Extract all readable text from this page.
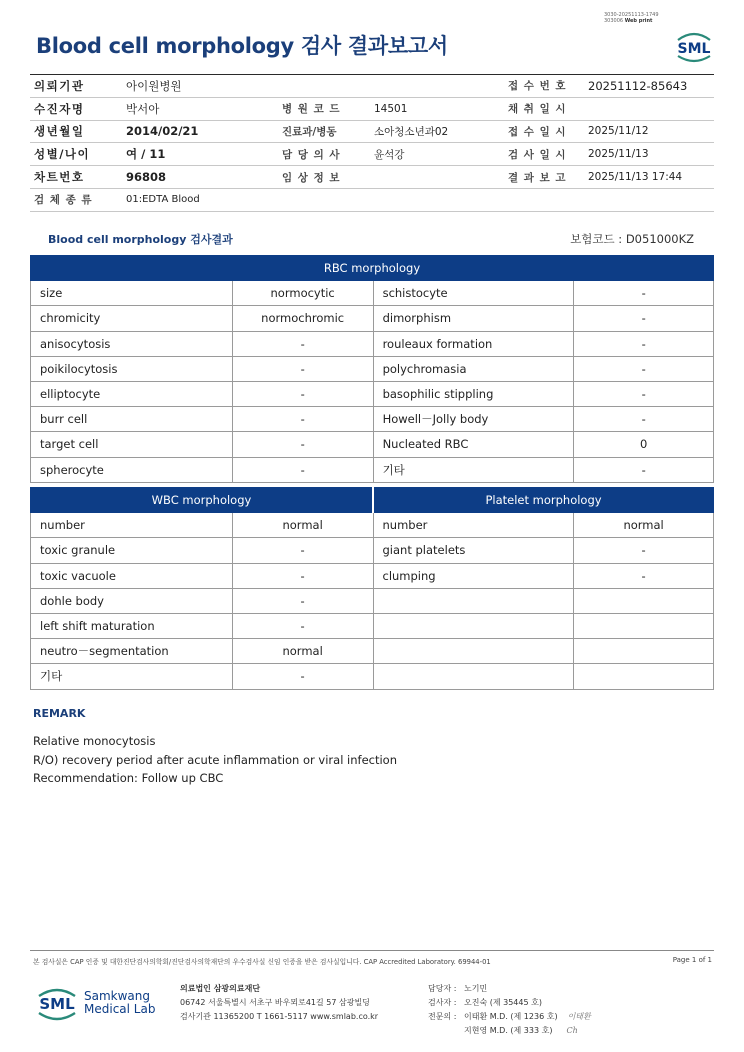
3030-20251113-1749
303006 Web print
Blood cell morphology 검사 결과보고서	SML
의뢰기관	아이원병원			접 수 번 호	20251112-85643
수진자명	박서아	병 원 코 드	14501	채 취 일 시	
생년월일	2014/02/21	진료과/병동	소아청소년과02	접 수 일 시	2025/11/12
성별/나이	여 / 11	담 당 의 사	윤석강	검 사 일 시	2025/11/13
차트번호	96808	임 상 정 보		결 과 보 고	2025/11/13 17:44
검 체 종 류	01:EDTA Blood				
Blood cell morphology 검사결과	보험코드 : D051000KZ
RBC morphology			
size	normocytic	schistocyte	-
chromicity	normochromic	dimorphism	-
anisocytosis	-	rouleaux formation	-
poikilocytosis	-	polychromasia	-
elliptocyte	-	basophilic stippling	-
burr cell	-	Howell－Jolly body	-
target cell	-	Nucleated RBC	0
spherocyte	-	기타	-
WBC morphology		Platelet morphology	
number	normal	number	normal
toxic granule	-	giant platelets	-
toxic vacuole	-	clumping	-
dohle body	-		
left shift maturation	-		
neutro－segmentation	normal		
기타	-		
REMARK
Relative monocytosis
R/O) recovery period after acute inflammation or viral infection
Recommendation: Follow up CBC
본 검사실은 CAP 인증 및 대한진단검사의학회/진단검사의학재단의 우수검사실 신임 인증을 받은 검사실입니다. CAP Accredited Laboratory. 69944-01	Page 1 of 1
SML Samkwang
Medical Lab
의료법인 삼광의료재단
06742 서울특별시 서초구 바우뫼로41길 57 삼광빌딩
검사기관 11365200 T 1661-5117 www.smlab.co.kr
담당자 : 노기민
검사자 : 오진숙 (제 35445 호)
전문의 : 이태환 M.D. (제 1236 호) 이태환
지현영 M.D. (제 333 호) Ch
